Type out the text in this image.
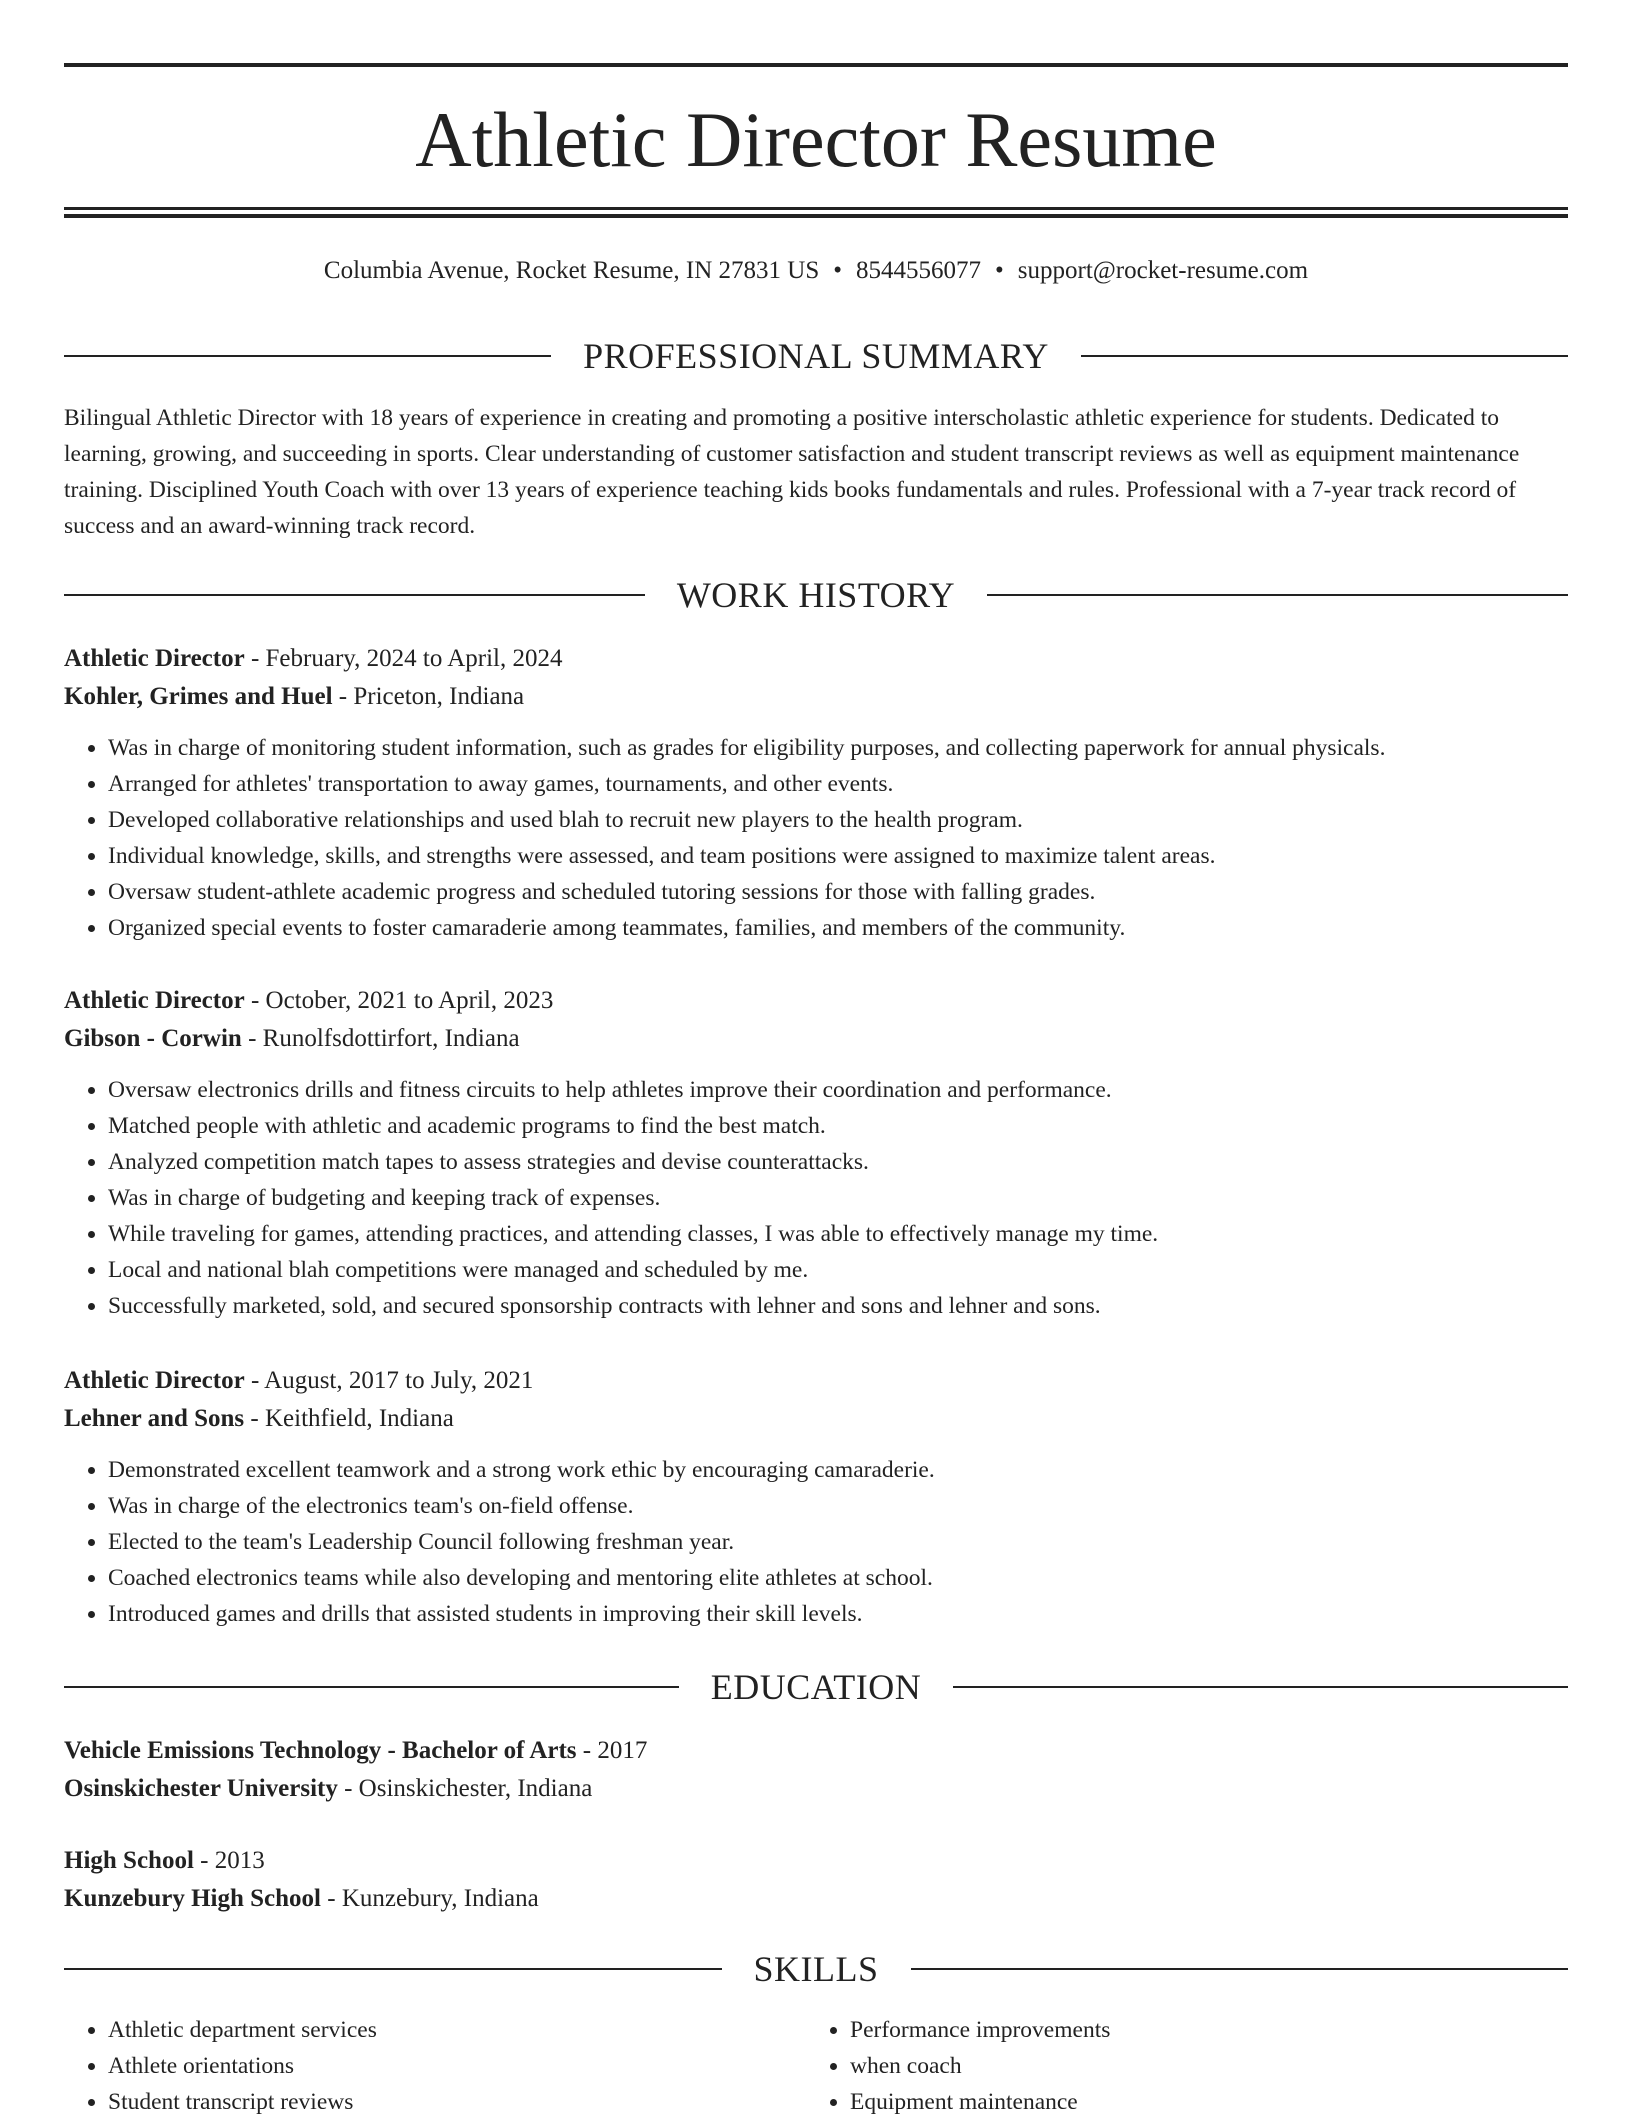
Athletic Director Resume
Columbia Avenue, Rocket Resume, IN 27831 US • 8544556077 • support@rocket-resume.com
PROFESSIONAL SUMMARY

Bilingual Athletic Director with 18 years of experience in creating and promoting a positive interscholastic athletic experience for students. Dedicated to learning, growing, and succeeding in sports. Clear understanding of customer satisfaction and student transcript reviews as well as equipment maintenance training. Disciplined Youth Coach with over 13 years of experience teaching kids books fundamentals and rules. Professional with a 7-year track record of success and an award-winning track record.

WORK HISTORY
Athletic Director - February, 2024 to April, 2024
Kohler, Grimes and Huel - Priceton, Indiana
• Was in charge of monitoring student information, such as grades for eligibility purposes, and collecting paperwork for annual physicals.
• Arranged for athletes' transportation to away games, tournaments, and other events.
• Developed collaborative relationships and used blah to recruit new players to the health program.
• Individual knowledge, skills, and strengths were assessed, and team positions were assigned to maximize talent areas.
• Oversaw student-athlete academic progress and scheduled tutoring sessions for those with falling grades.
• Organized special events to foster camaraderie among teammates, families, and members of the community.
Athletic Director - October, 2021 to April, 2023
Gibson - Corwin - Runolfsdottirfort, Indiana
• Oversaw electronics drills and fitness circuits to help athletes improve their coordination and performance.
• Matched people with athletic and academic programs to find the best match.
• Analyzed competition match tapes to assess strategies and devise counterattacks.
• Was in charge of budgeting and keeping track of expenses.
• While traveling for games, attending practices, and attending classes, I was able to effectively manage my time.
• Local and national blah competitions were managed and scheduled by me.
• Successfully marketed, sold, and secured sponsorship contracts with lehner and sons and lehner and sons.
Athletic Director - August, 2017 to July, 2021
Lehner and Sons - Keithfield, Indiana
• Demonstrated excellent teamwork and a strong work ethic by encouraging camaraderie.
• Was in charge of the electronics team's on-field offense.
• Elected to the team's Leadership Council following freshman year.
• Coached electronics teams while also developing and mentoring elite athletes at school.
• Introduced games and drills that assisted students in improving their skill levels.
EDUCATION
Vehicle Emissions Technology - Bachelor of Arts - 2017
Osinskichester University - Osinskichester, Indiana
High School - 2013
Kunzebury High School - Kunzebury, Indiana
SKILLS
• Athletic department services
• Athlete orientations
• Student transcript reviews
• Performance improvements
• when coach
• Equipment maintenance
